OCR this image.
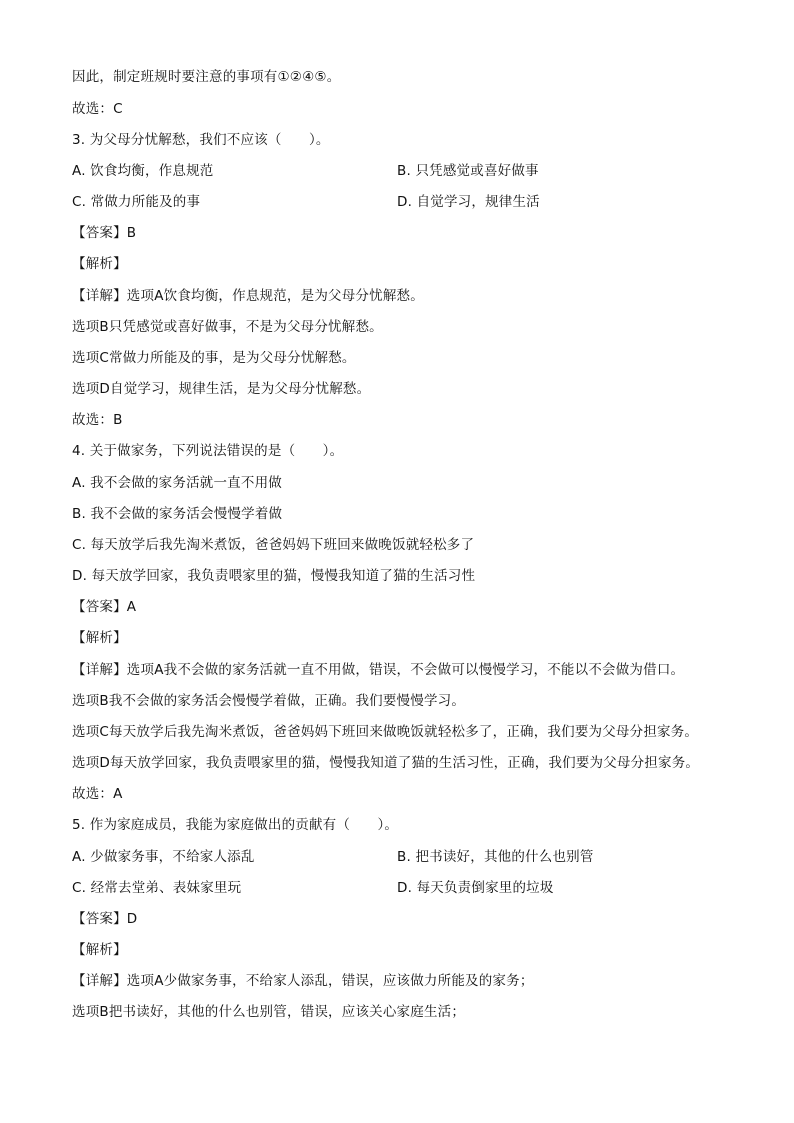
因此，制定班规时要注意的事项有①②④⑤。
故选：C
3. 为父母分忧解愁，我们不应该（　　）。
A. 饮食均衡，作息规范	B. 只凭感觉或喜好做事
C. 常做力所能及的事	D. 自觉学习，规律生活
【答案】B
【解析】
【详解】选项A饮食均衡，作息规范，是为父母分忧解愁。
选项B只凭感觉或喜好做事，不是为父母分忧解愁。
选项C常做力所能及的事，是为父母分忧解愁。
选项D自觉学习，规律生活，是为父母分忧解愁。
故选：B
4. 关于做家务，下列说法错误的是（　　）。
A. 我不会做的家务活就一直不用做
B. 我不会做的家务活会慢慢学着做
C. 每天放学后我先淘米煮饭，爸爸妈妈下班回来做晚饭就轻松多了
D. 每天放学回家，我负责喂家里的猫，慢慢我知道了猫的生活习性
【答案】A
【解析】
【详解】选项A我不会做的家务活就一直不用做，错误，不会做可以慢慢学习，不能以不会做为借口。
选项B我不会做的家务活会慢慢学着做，正确。我们要慢慢学习。
选项C每天放学后我先淘米煮饭，爸爸妈妈下班回来做晚饭就轻松多了，正确，我们要为父母分担家务。
选项D每天放学回家，我负责喂家里的猫，慢慢我知道了猫的生活习性，正确，我们要为父母分担家务。
故选：A
5. 作为家庭成员，我能为家庭做出的贡献有（　　）。
A. 少做家务事，不给家人添乱	B. 把书读好，其他的什么也别管
C. 经常去堂弟、表妹家里玩	D. 每天负责倒家里的垃圾
【答案】D
【解析】
【详解】选项A少做家务事，不给家人添乱，错误，应该做力所能及的家务；
选项B把书读好，其他的什么也别管，错误，应该关心家庭生活；
